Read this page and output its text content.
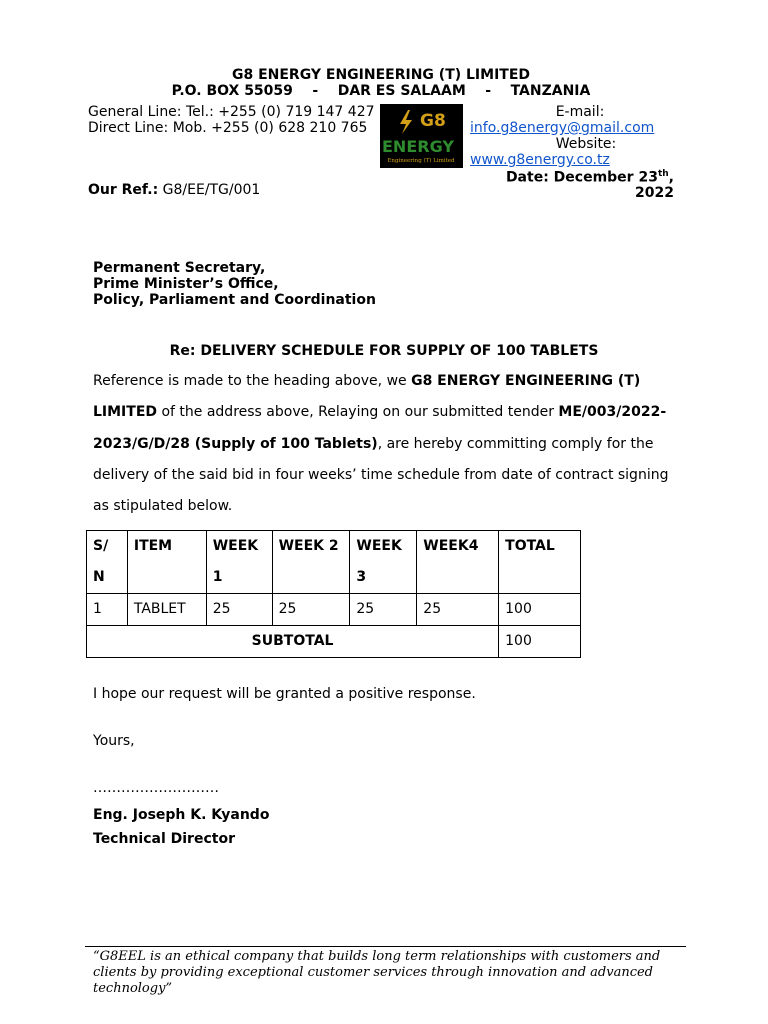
G8 ENERGY ENGINEERING (T) LIMITED
P.O. BOX 55059    -    DAR ES SALAAM    -    TANZANIA
General Line: Tel.: +255 (0) 719 147 427
Direct Line: Mob. +255 (0) 628 210 765	G8
ENERGY
Engineering (T) Limited
E-mail:
info.g8energy@gmail.com
Website:
www.g8energy.co.tz
Date: December 23th, 2022
Our Ref.: G8/EE/TG/001
Permanent Secretary,
Prime Minister’s Office,
Policy, Parliament and Coordination
Re: DELIVERY SCHEDULE FOR SUPPLY OF 100 TABLETS
Reference is made to the heading above, we G8 ENERGY ENGINEERING (T) LIMITED of the address above, Relaying on our submitted tender ME/003/2022-2023/G/D/28 (Supply of 100 Tablets), are hereby committing comply for the delivery of the said bid in four weeks’ time schedule from date of contract signing as stipulated below.
S/ N	ITEM	WEEK 1	WEEK 2	WEEK 3	WEEK4	TOTAL
1	TABLET	25	25	25	25	100
SUBTOTAL						100
I hope our request will be granted a positive response.
Yours,
………………………
Eng. Joseph K. Kyando
Technical Director
“G8EEL is an ethical company that builds long term relationships with customers and clients by providing exceptional customer services through innovation and advanced technology”
